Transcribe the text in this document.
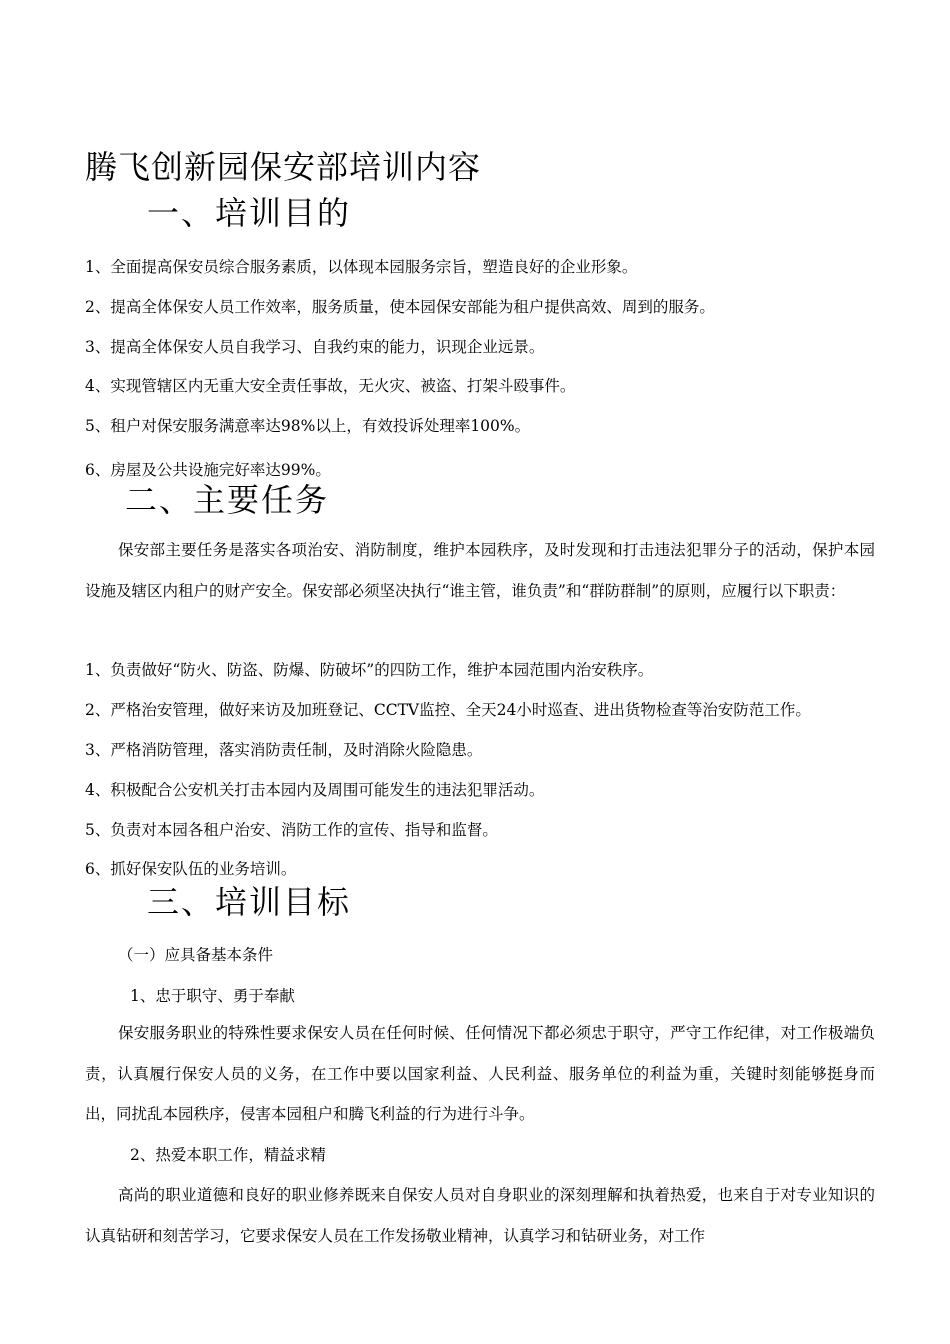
腾飞创新园保安部培训内容
一、培训目的
1、全面提高保安员综合服务素质，以体现本园服务宗旨，塑造良好的企业形象。
2、提高全体保安人员工作效率，服务质量，使本园保安部能为租户提供高效、周到的服务。
3、提高全体保安人员自我学习、自我约束的能力，识现企业远景。
4、实现管辖区内无重大安全责任事故，无火灾、被盗、打架斗殴事件。
5、租户对保安服务满意率达98%以上，有效投诉处理率100%。
6、房屋及公共设施完好率达99%。
二、主要任务
保安部主要任务是落实各项治安、消防制度，维护本园秩序，及时发现和打击违法犯罪分子的活动，保护本园设施及辖区内租户的财产安全。保安部必须坚决执行“谁主管，谁负责”和“群防群制”的原则，应履行以下职责：
1、负责做好“防火、防盗、防爆、防破坏”的四防工作，维护本园范围内治安秩序。
2、严格治安管理，做好来访及加班登记、CCTV监控、全天24小时巡查、进出货物检查等治安防范工作。
3、严格消防管理，落实消防责任制，及时消除火险隐患。
4、积极配合公安机关打击本园内及周围可能发生的违法犯罪活动。
5、负责对本园各租户治安、消防工作的宣传、指导和监督。
6、抓好保安队伍的业务培训。
三、培训目标
（一）应具备基本条件
1、忠于职守、勇于奉献
保安服务职业的特殊性要求保安人员在任何时候、任何情况下都必须忠于职守，严守工作纪律，对工作极端负责，认真履行保安人员的义务，在工作中要以国家利益、人民利益、服务单位的利益为重，关键时刻能够挺身而出，同扰乱本园秩序，侵害本园租户和腾飞利益的行为进行斗争。
2、热爱本职工作，精益求精
高尚的职业道德和良好的职业修养既来自保安人员对自身职业的深刻理解和执着热爱，也来自于对专业知识的认真钻研和刻苦学习，它要求保安人员在工作发扬敬业精神，认真学习和钻研业务，对工作
